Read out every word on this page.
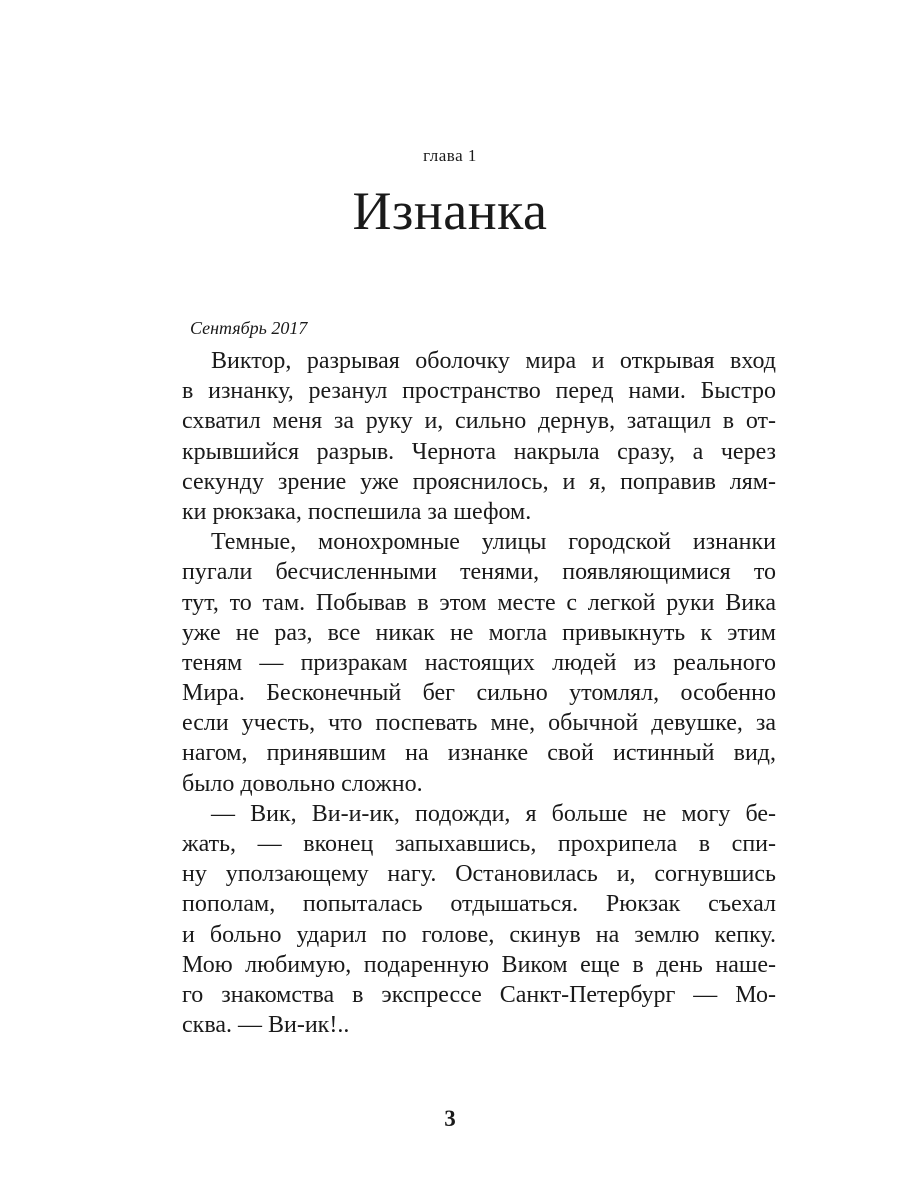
глава 1
Изнанка
Сентябрь 2017
Виктор, разрывая оболочку мира и открывая вход
в изнанку, резанул пространство перед нами. Быстро
схватил меня за руку и, сильно дернув, затащил в от-
крывшийся разрыв. Чернота накрыла сразу, а через
секунду зрение уже прояснилось, и я, поправив лям-
ки рюкзака, поспешила за шефом.
Темные, монохромные улицы городской изнанки
пугали бесчисленными тенями, появляющимися то
тут, то там. Побывав в этом месте с легкой руки Вика
уже не раз, все никак не могла привыкнуть к этим
теням — призракам настоящих людей из реального
Мира. Бесконечный бег сильно утомлял, особенно
если учесть, что поспевать мне, обычной девушке, за
нагом, принявшим на изнанке свой истинный вид,
было довольно сложно.
— Вик, Ви-и-ик, подожди, я больше не могу бе-
жать, — вконец запыхавшись, прохрипела в спи-
ну уползающему нагу. Остановилась и, согнувшись
пополам, попыталась отдышаться. Рюкзак съехал
и больно ударил по голове, скинув на землю кепку.
Мою любимую, подаренную Виком еще в день наше-
го знакомства в экспрессе Санкт-Петербург — Мо-
сква. — Ви-ик!..
3
